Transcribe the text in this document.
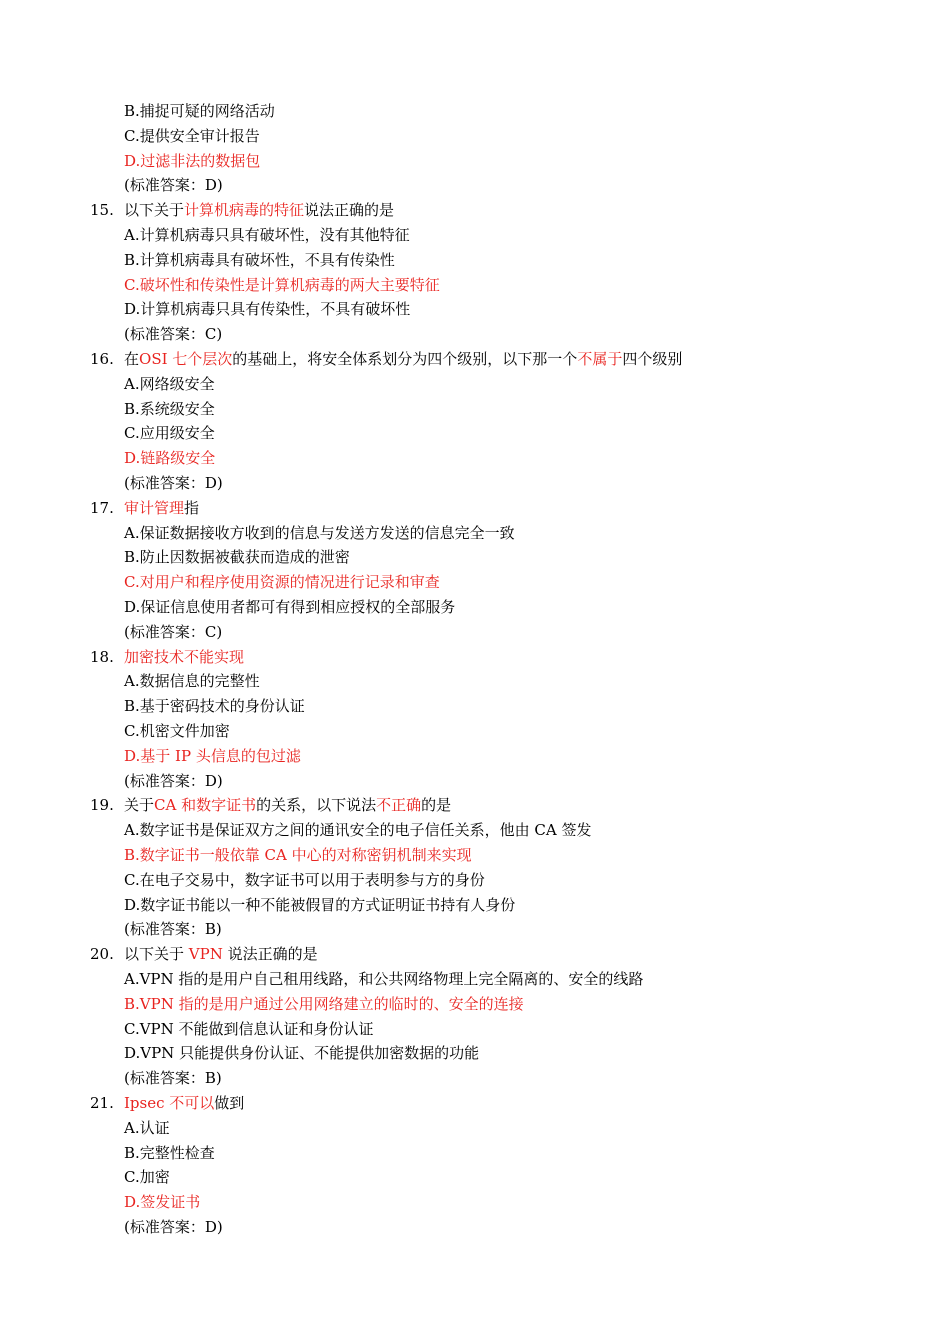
B.捕捉可疑的网络活动
C.提供安全审计报告
D.过滤非法的数据包
(标准答案：D)
15. 以下关于计算机病毒的特征说法正确的是
A.计算机病毒只具有破坏性，没有其他特征
B.计算机病毒具有破坏性，不具有传染性
C.破坏性和传染性是计算机病毒的两大主要特征
D.计算机病毒只具有传染性，不具有破坏性
(标准答案：C)
16. 在OSI 七个层次的基础上，将安全体系划分为四个级别，以下那一个不属于四个级别
A.网络级安全
B.系统级安全
C.应用级安全
D.链路级安全
(标准答案：D)
17. 审计管理指
A.保证数据接收方收到的信息与发送方发送的信息完全一致
B.防止因数据被截获而造成的泄密
C.对用户和程序使用资源的情况进行记录和审查
D.保证信息使用者都可有得到相应授权的全部服务
(标准答案：C)
18. 加密技术不能实现
A.数据信息的完整性
B.基于密码技术的身份认证
C.机密文件加密
D.基于 IP 头信息的包过滤
(标准答案：D)
19. 关于CA 和数字证书的关系，以下说法不正确的是
A.数字证书是保证双方之间的通讯安全的电子信任关系，他由 CA 签发
B.数字证书一般依靠 CA 中心的对称密钥机制来实现
C.在电子交易中，数字证书可以用于表明参与方的身份
D.数字证书能以一种不能被假冒的方式证明证书持有人身份
(标准答案：B)
20. 以下关于 VPN 说法正确的是
A.VPN 指的是用户自己租用线路，和公共网络物理上完全隔离的、安全的线路
B.VPN 指的是用户通过公用网络建立的临时的、安全的连接
C.VPN 不能做到信息认证和身份认证
D.VPN 只能提供身份认证、不能提供加密数据的功能
(标准答案：B)
21. Ipsec 不可以做到
A.认证
B.完整性检查
C.加密
D.签发证书
(标准答案：D)
